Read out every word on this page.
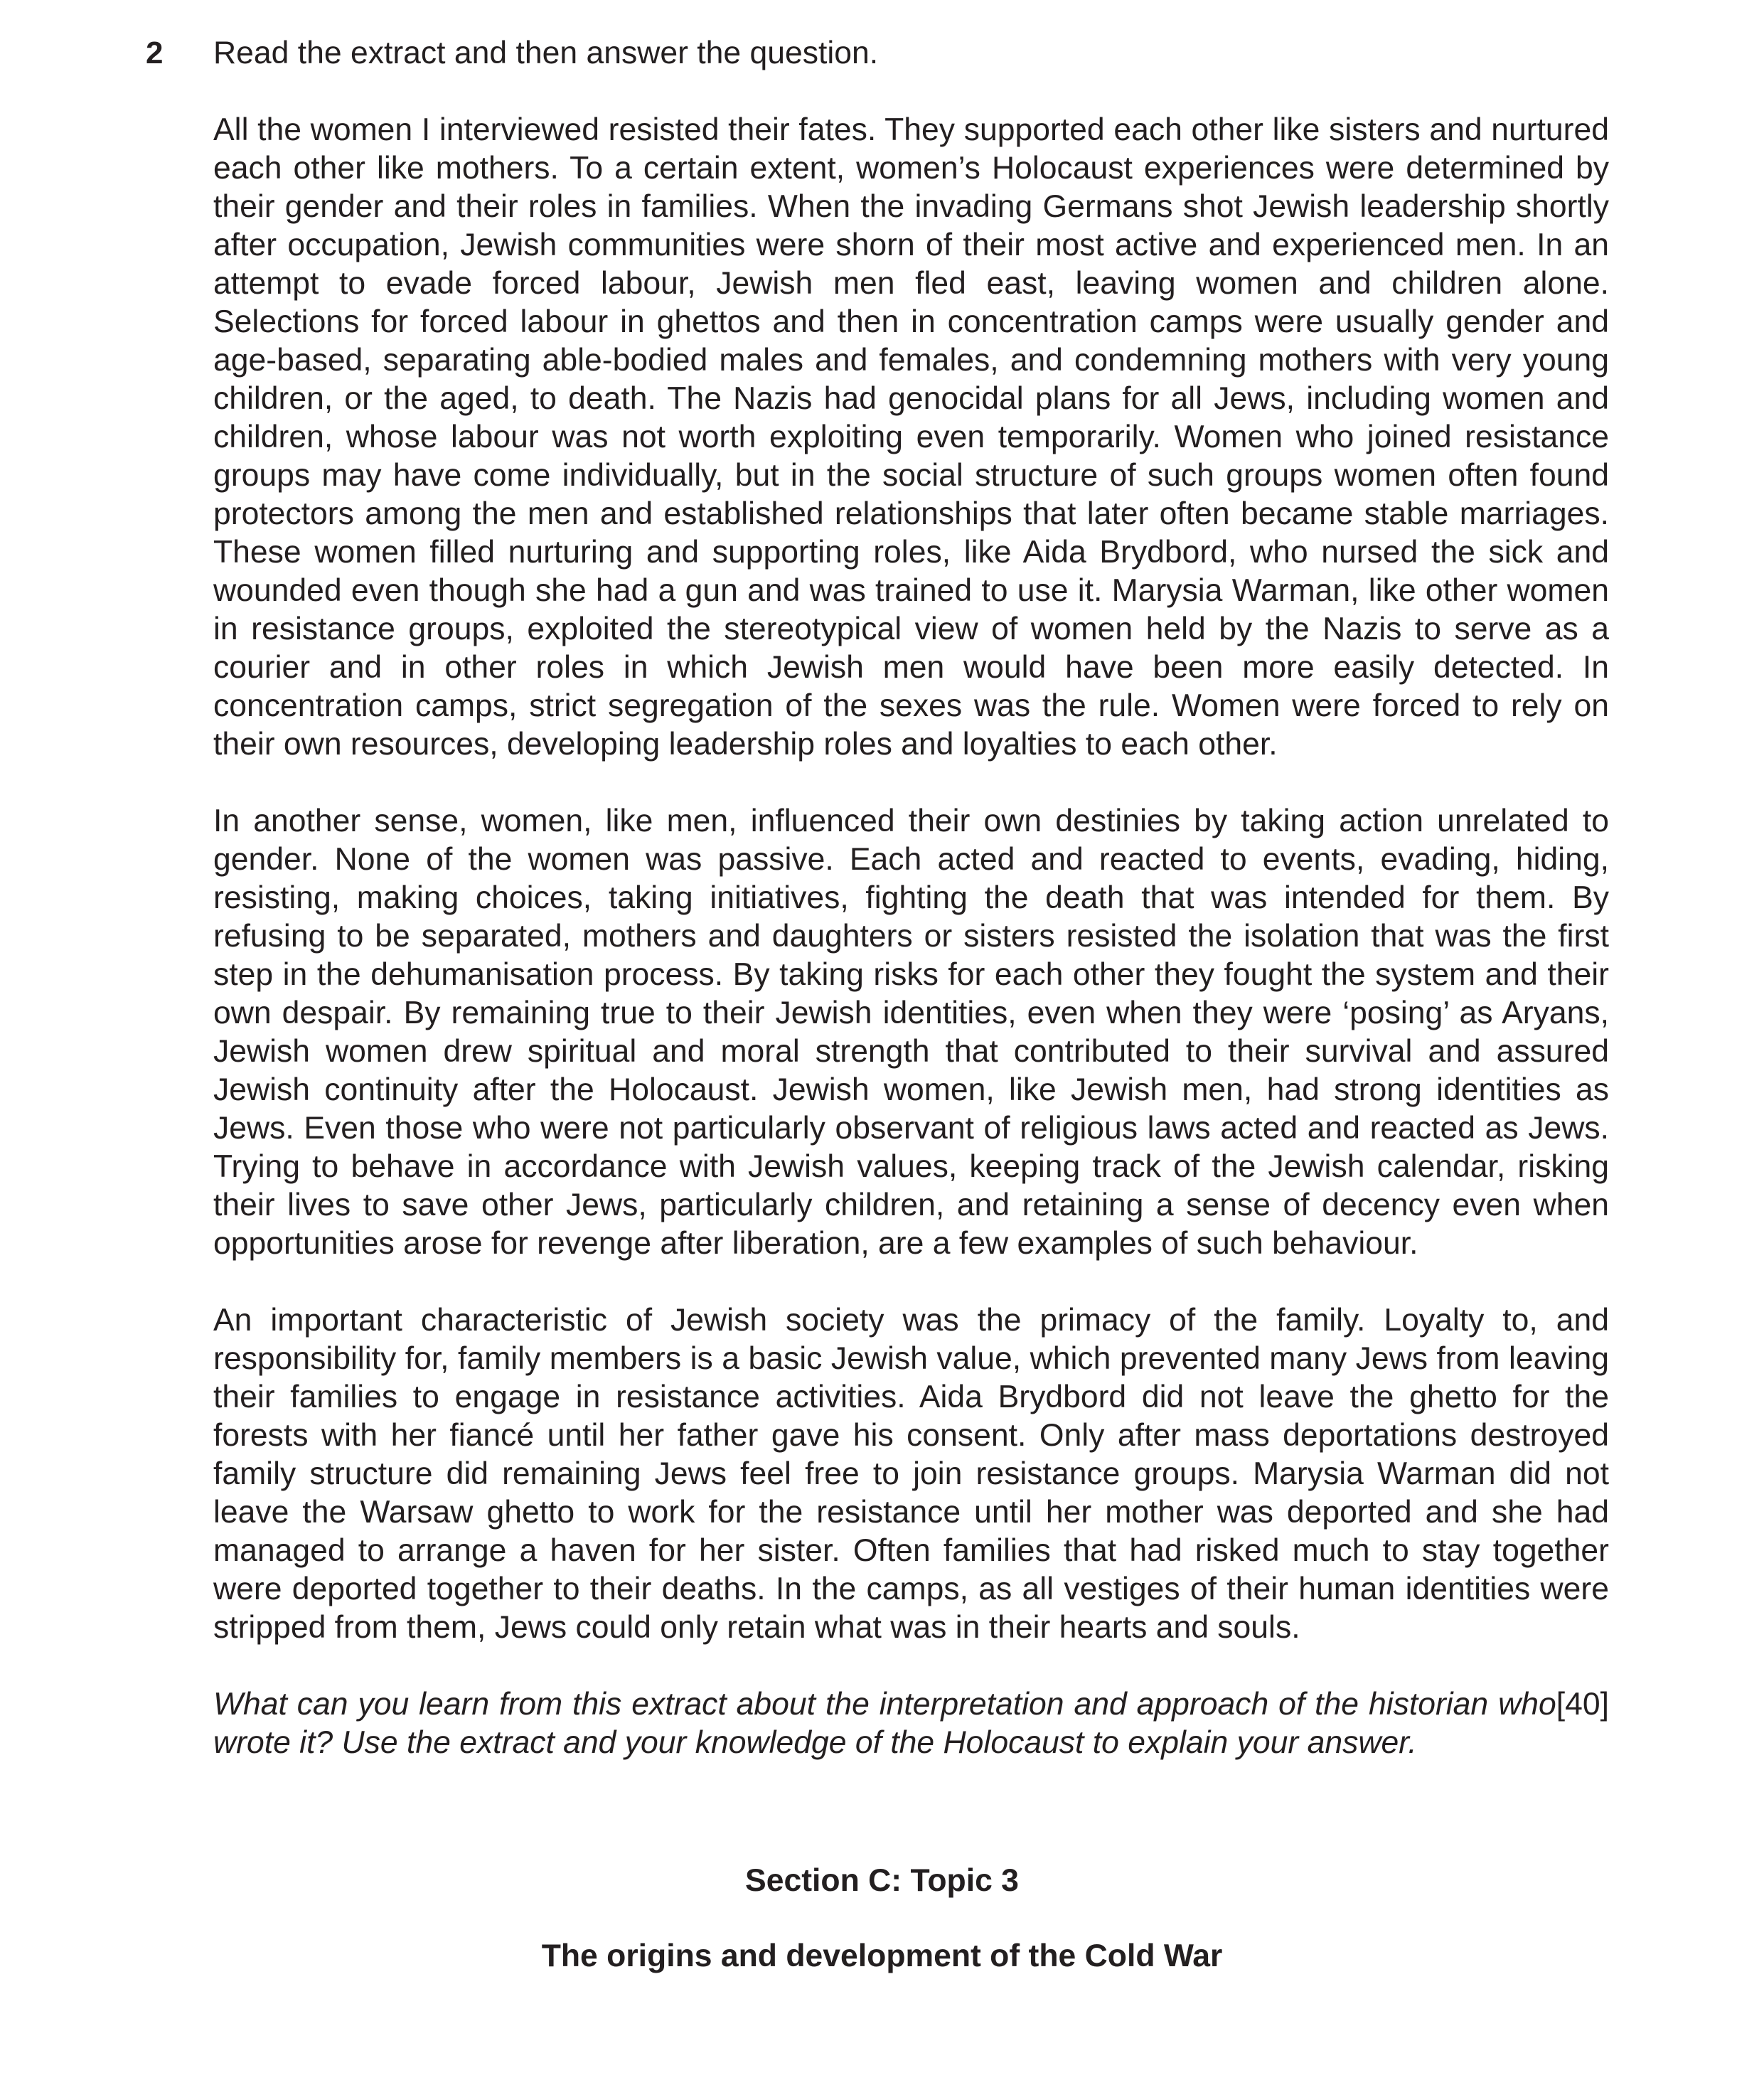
2 Read the extract and then answer the question.

All the women I interviewed resisted their fates. They supported each other like sisters and nurtured each other like mothers. To a certain extent, women’s Holocaust experiences were determined by their gender and their roles in families. When the invading Germans shot Jewish leadership shortly after occupation, Jewish communities were shorn of their most active and experienced men. In an attempt to evade forced labour, Jewish men fled east, leaving women and children alone. Selections for forced labour in ghettos and then in concentration camps were usually gender and age-based, separating able-bodied males and females, and condemning mothers with very young children, or the aged, to death. The Nazis had genocidal plans for all Jews, including women and children, whose labour was not worth exploiting even temporarily. Women who joined resistance groups may have come individually, but in the social structure of such groups women often found protectors among the men and established relationships that later often became stable marriages. These women filled nurturing and supporting roles, like Aida Brydbord, who nursed the sick and wounded even though she had a gun and was trained to use it. Marysia Warman, like other women in resistance groups, exploited the stereotypical view of women held by the Nazis to serve as a courier and in other roles in which Jewish men would have been more easily detected. In concentration camps, strict segregation of the sexes was the rule. Women were forced to rely on their own resources, developing leadership roles and loyalties to each other.

In another sense, women, like men, influenced their own destinies by taking action unrelated to gender. None of the women was passive. Each acted and reacted to events, evading, hiding, resisting, making choices, taking initiatives, fighting the death that was intended for them. By refusing to be separated, mothers and daughters or sisters resisted the isolation that was the first step in the dehumanisation process. By taking risks for each other they fought the system and their own despair. By remaining true to their Jewish identities, even when they were ‘posing’ as Aryans, Jewish women drew spiritual and moral strength that contributed to their survival and assured Jewish continuity after the Holocaust. Jewish women, like Jewish men, had strong identities as Jews. Even those who were not particularly observant of religious laws acted and reacted as Jews. Trying to behave in accordance with Jewish values, keeping track of the Jewish calendar, risking their lives to save other Jews, particularly children, and retaining a sense of decency even when opportunities arose for revenge after liberation, are a few examples of such behaviour.

An important characteristic of Jewish society was the primacy of the family. Loyalty to, and responsibility for, family members is a basic Jewish value, which prevented many Jews from leaving their families to engage in resistance activities. Aida Brydbord did not leave the ghetto for the forests with her fiancé until her father gave his consent. Only after mass deportations destroyed family structure did remaining Jews feel free to join resistance groups. Marysia Warman did not leave the Warsaw ghetto to work for the resistance until her mother was deported and she had managed to arrange a haven for her sister. Often families that had risked much to stay together were deported together to their deaths. In the camps, as all vestiges of their human identities were stripped from them, Jews could only retain what was in their hearts and souls.

[40]
What can you learn from this extract about the interpretation and approach of the historian who wrote it? Use the extract and your knowledge of the Holocaust to explain your answer.

Section C: Topic 3
The origins and development of the Cold War
